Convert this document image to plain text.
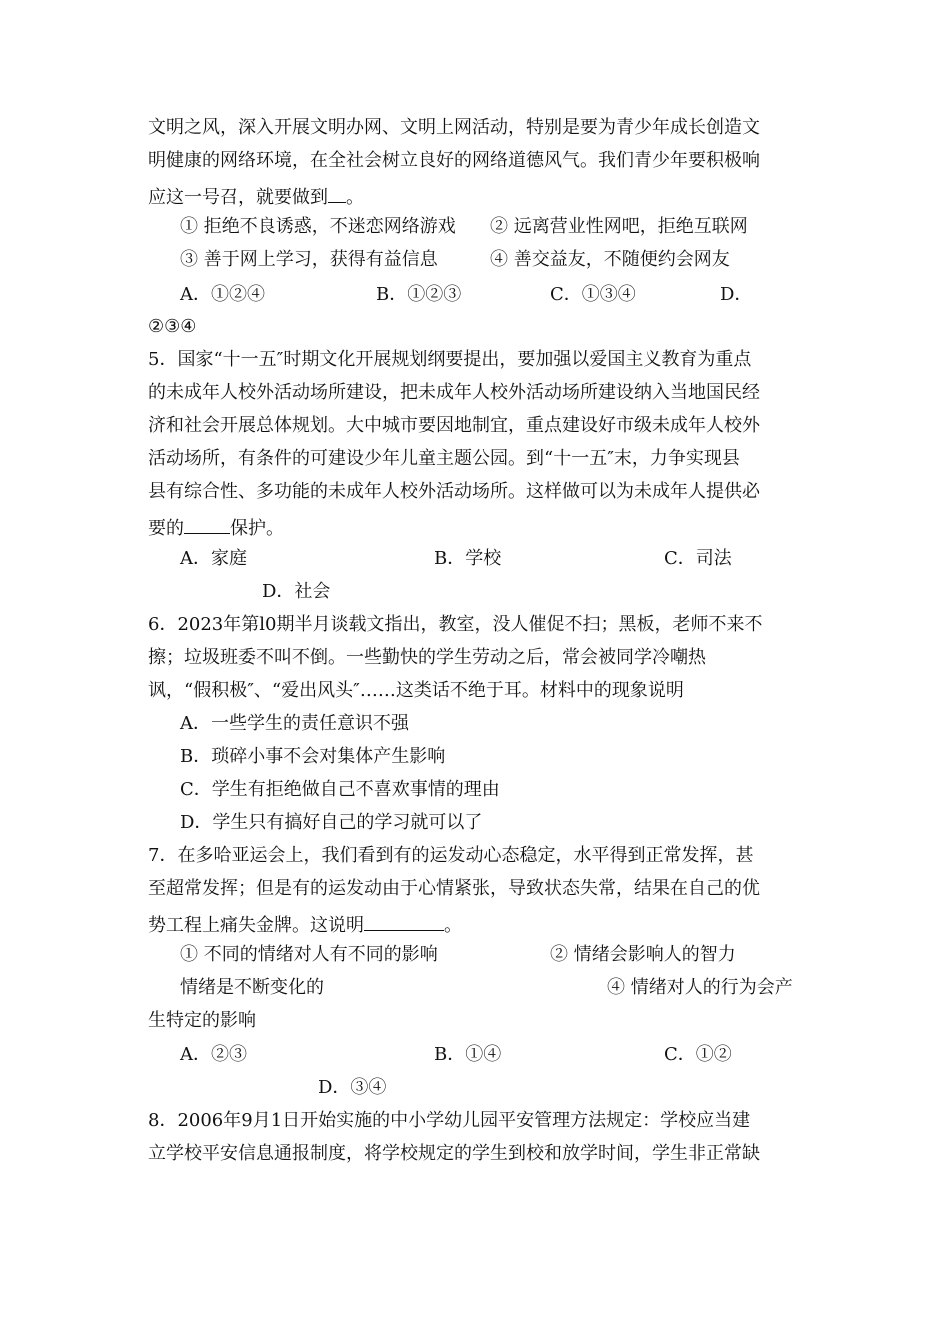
文明之风，深入开展文明办网、文明上网活动，特别是要为青少年成长创造文
明健康的网络环境，在全社会树立良好的网络道德风气。我们青少年要积极响
应这一号召，就要做到 。
① 拒绝不良诱惑，不迷恋网络游戏 ② 远离营业性网吧，拒绝互联网
③ 善于网上学习，获得有益信息	④ 善交益友，不随便约会网友
A．①②④	B．①②③	C．①③④	D．
②③④
5．国家“十一五″时期文化开展规划纲要提出，要加强以爱国主义教育为重点
的未成年人校外活动场所建设，把未成年人校外活动场所建设纳入当地国民经
济和社会开展总体规划。大中城市要因地制宜，重点建设好市级未成年人校外
活动场所，有条件的可建设少年儿童主题公园。到“十一五″末，力争实现县
县有综合性、多功能的未成年人校外活动场所。这样做可以为未成年人提供必
要的	保护。
A．家庭	B．学校	C．司法
D．社会
6．2023年第l0期半月谈载文指出，教室，没人催促不扫；黑板，老师不来不
擦；垃圾班委不叫不倒。一些勤快的学生劳动之后，常会被同学冷嘲热
讽，“假积极″、“爱出风头″……这类话不绝于耳。材料中的现象说明
A．一些学生的责任意识不强
B．琐碎小事不会对集体产生影响
C．学生有拒绝做自己不喜欢事情的理由
D．学生只有搞好自己的学习就可以了
7．在多哈亚运会上，我们看到有的运发动心态稳定，水平得到正常发挥，甚
至超常发挥；但是有的运发动由于心情紧张，导致状态失常，结果在自己的优
势工程上痛失金牌。这说明	。
① 不同的情绪对人有不同的影响	② 情绪会影响人的智力
情绪是不断变化的	④ 情绪对人的行为会产
生特定的影响
A．②③	B．①④	C．①②
D．③④
8．2006年9月1日开始实施的中小学幼儿园平安管理方法规定：学校应当建
立学校平安信息通报制度，将学校规定的学生到校和放学时间，学生非正常缺
